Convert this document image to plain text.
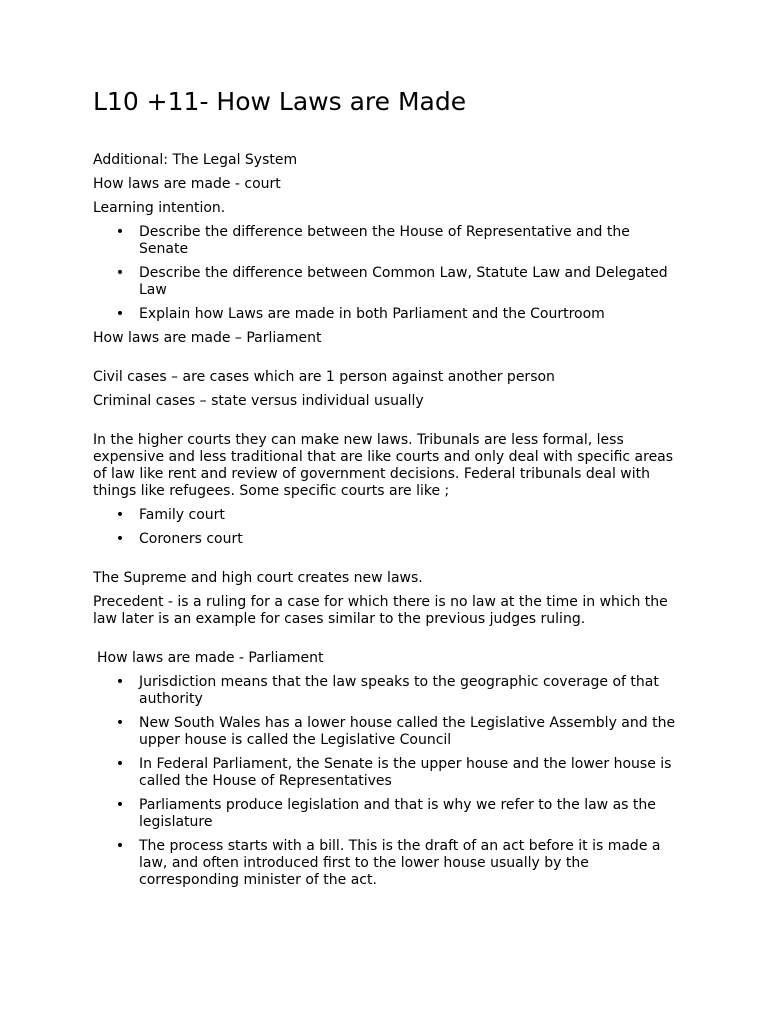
L10 +11- How Laws are Made

Additional: The Legal System

How laws are made - court

Learning intention.

• Describe the difference between the House of Representative and the Senate
• Describe the difference between Common Law, Statute Law and Delegated Law
• Explain how Laws are made in both Parliament and the Courtroom

How laws are made – Parliament

Civil cases – are cases which are 1 person against another person

Criminal cases – state versus individual usually

In the higher courts they can make new laws. Tribunals are less formal, less expensive and less traditional that are like courts and only deal with specific areas of law like rent and review of government decisions. Federal tribunals deal with things like refugees. Some specific courts are like ;

• Family court
• Coroners court

The Supreme and high court creates new laws.

Precedent - is a ruling for a case for which there is no law at the time in which the law later is an example for cases similar to the previous judges ruling.

How laws are made - Parliament

• Jurisdiction means that the law speaks to the geographic coverage of that authority
• New South Wales has a lower house called the Legislative Assembly and the upper house is called the Legislative Council
• In Federal Parliament, the Senate is the upper house and the lower house is called the House of Representatives
• Parliaments produce legislation and that is why we refer to the law as the legislature
• The process starts with a bill. This is the draft of an act before it is made a law, and often introduced first to the lower house usually by the corresponding minister of the act.
